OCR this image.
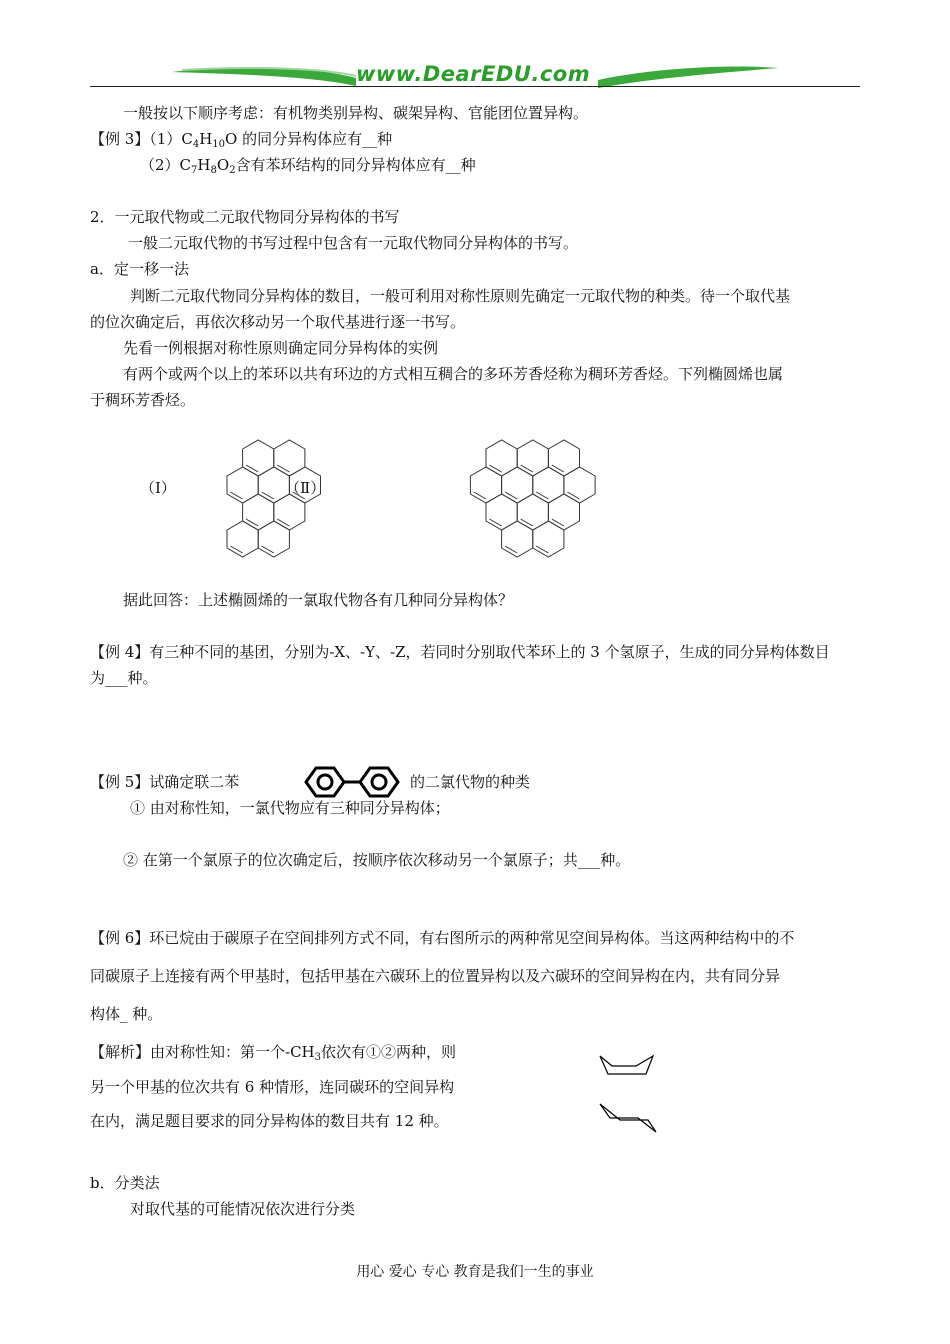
www.DearEDU.com
一般按以下顺序考虑：有机物类别异构、碳架异构、官能团位置异构。
【例 3】$(1)C_4H_{10}O$ 的同分异构体应有__种
$(2)C_7H_8O_2$含有苯环结构的同分异构体应有__种
2．一元取代物或二元取代物同分异构体的书写
一般二元取代物的书写过程中包含有一元取代物同分异构体的书写。
a．定一移一法
判断二元取代物同分异构体的数目，一般可利用对称性原则先确定一元取代物的种类。待一个取代基
的位次确定后，再依次移动另一个取代基进行逐一书写。
先看一例根据对称性原则确定同分异构体的实例
有两个或两个以上的苯环以共有环边的方式相互稠合的多环芳香烃称为稠环芳香烃。下列椭圆烯也属
于稠环芳香烃。
（Ⅰ）	（Ⅱ）
据此回答：上述椭圆烯的一氯取代物各有几种同分异构体？
【例 4】有三种不同的基团，分别为-X、-Y、-Z，若同时分别取代苯环上的 3 个氢原子，生成的同分异构体数目
为___种。
【例 5】试确定联二苯	的二氯代物的种类
① 由对称性知，一氯代物应有三种同分异构体；
② 在第一个氯原子的位次确定后，按顺序依次移动另一个氯原子；共___种。
【例 6】环已烷由于碳原子在空间排列方式不同，有右图所示的两种常见空间异构体。当这两种结构中的不
同碳原子上连接有两个甲基时，包括甲基在六碳环上的位置异构以及六碳环的空间异构在内，共有同分异
构体_ 种。
【解析】由对称性知：第一个$-CH_3$依次有①②两种，则
另一个甲基的位次共有 6 种情形，连同碳环的空间异构
在内，满足题目要求的同分异构体的数目共有 12 种。
b．分类法
对取代基的可能情况依次进行分类
用心 爱心 专心 教育是我们一生的事业
